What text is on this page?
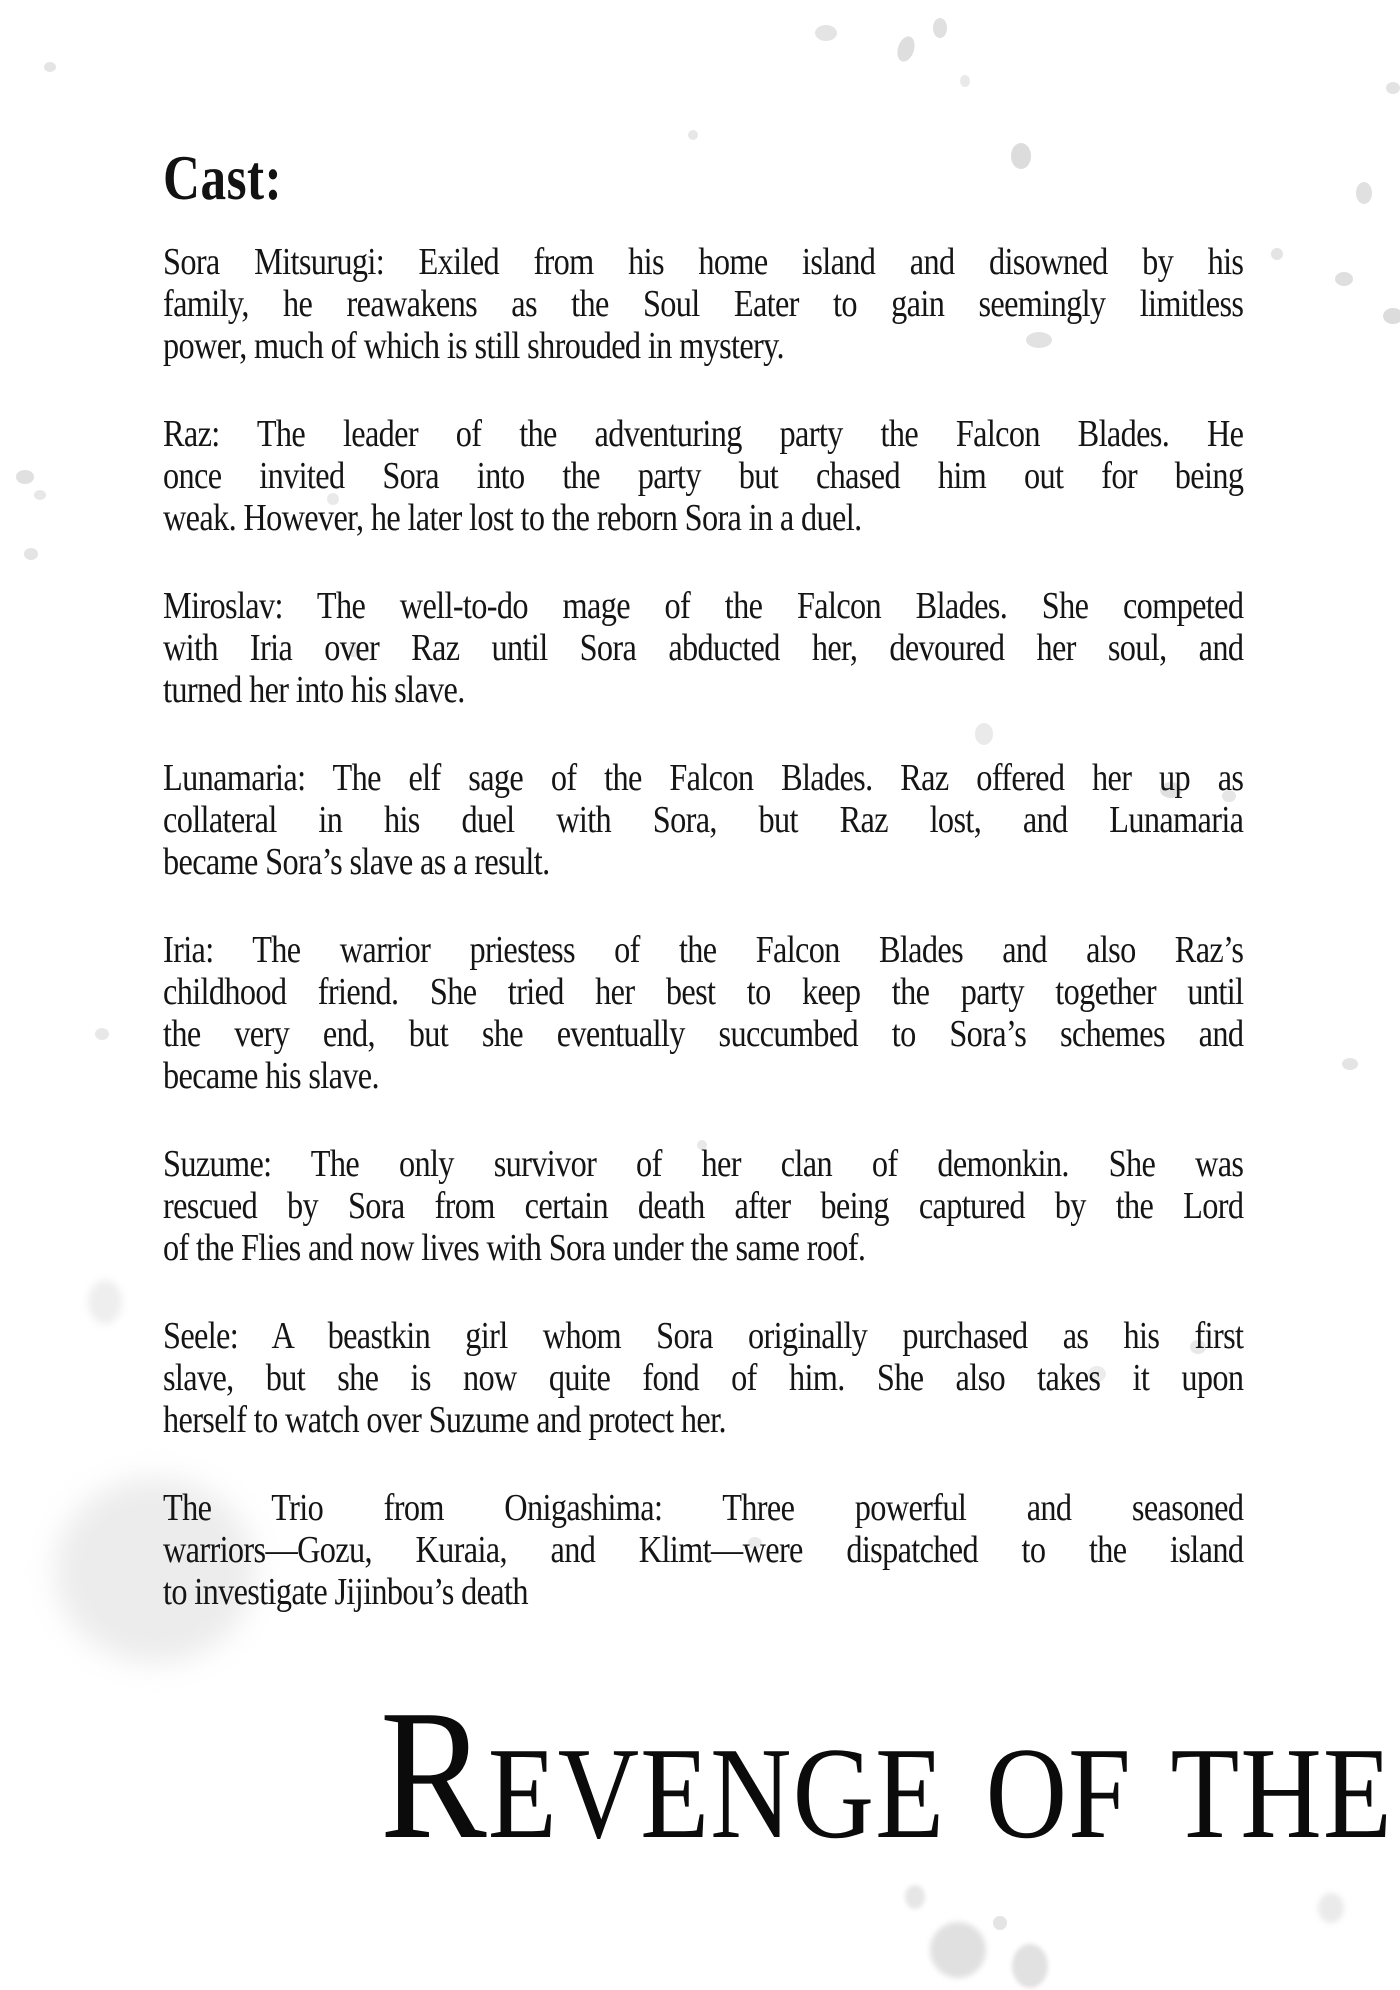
Cast:
Sora Mitsurugi: Exiled from his home island and disowned by his
family, he reawakens as the Soul Eater to gain seemingly limitless
power, much of which is still shrouded in mystery.
Raz: The leader of the adventuring party the Falcon Blades. He
once invited Sora into the party but chased him out for being
weak. However, he later lost to the reborn Sora in a duel.
Miroslav: The well-to-do mage of the Falcon Blades. She competed
with Iria over Raz until Sora abducted her, devoured her soul, and
turned her into his slave.
Lunamaria: The elf sage of the Falcon Blades. Raz offered her up as
collateral in his duel with Sora, but Raz lost, and Lunamaria
became Sora’s slave as a result.
Iria: The warrior priestess of the Falcon Blades and also Raz’s
childhood friend. She tried her best to keep the party together until
the very end, but she eventually succumbed to Sora’s schemes and
became his slave.
Suzume: The only survivor of her clan of demonkin. She was
rescued by Sora from certain death after being captured by the Lord
of the Flies and now lives with Sora under the same roof.
Seele: A beastkin girl whom Sora originally purchased as his first
slave, but she is now quite fond of him. She also takes it upon
herself to watch over Suzume and protect her.
The Trio from Onigashima: Three powerful and seasoned
warriors—Gozu, Kuraia, and Klimt—were dispatched to the island
to investigate Jijinbou’s death
REVENGE OF THE
